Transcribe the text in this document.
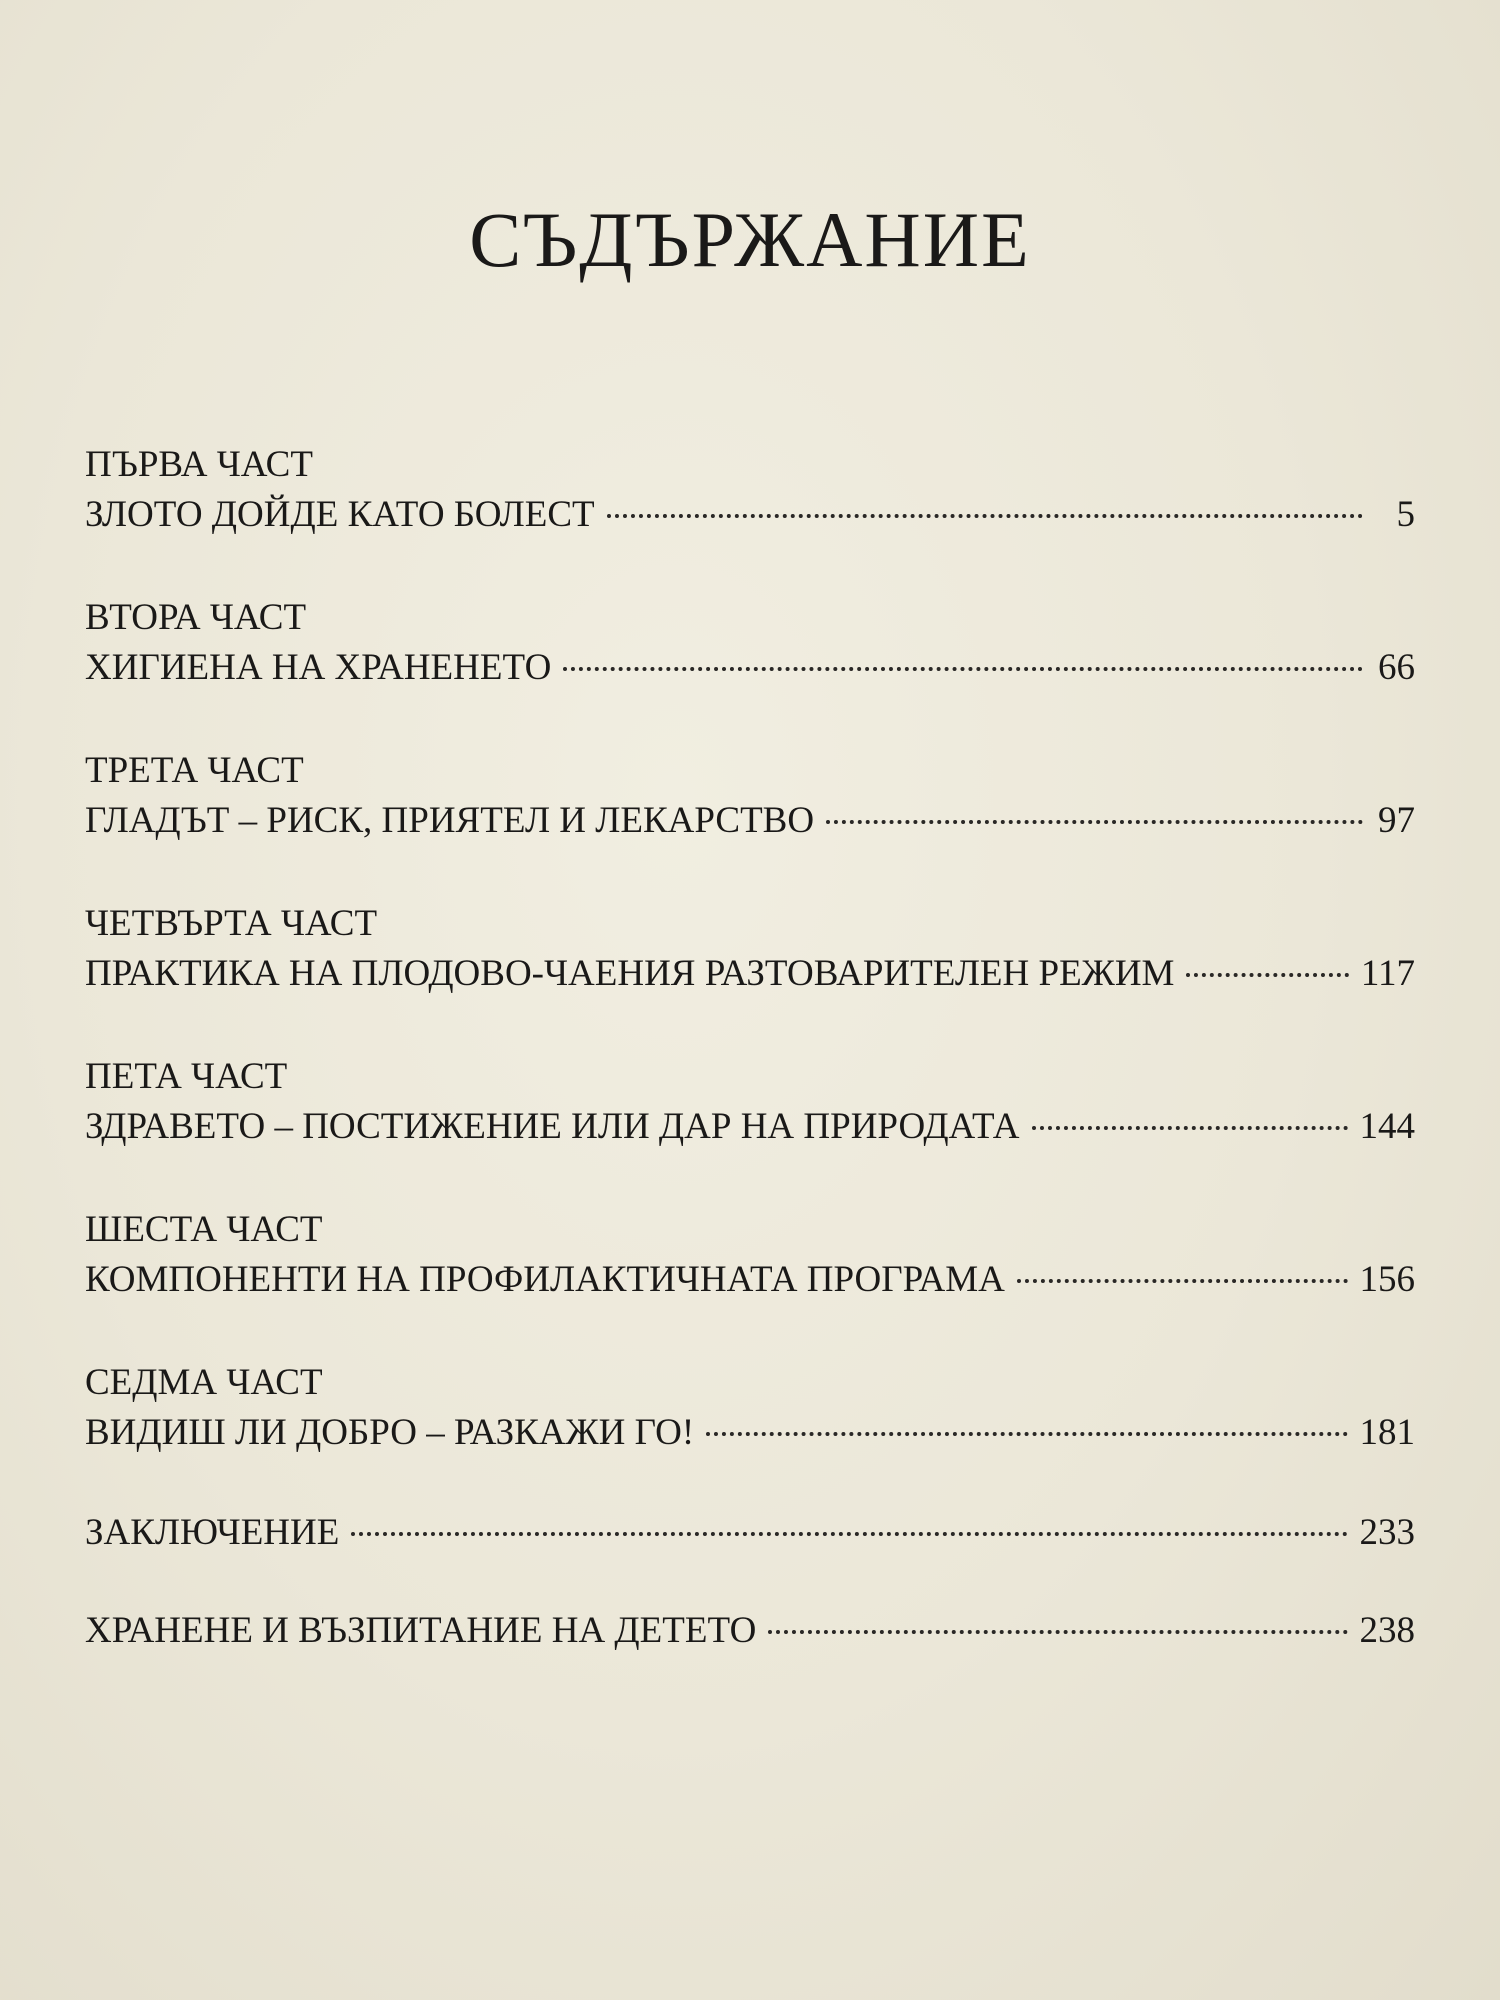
СЪДЪРЖАНИЕ
ПЪРВА ЧАСТ
ЗЛОТО ДОЙДЕ КАТО БОЛЕСТ	5
ВТОРА ЧАСТ
ХИГИЕНА НА ХРАНЕНЕТО	66
ТРЕТА ЧАСТ
ГЛАДЪТ – РИСК, ПРИЯТЕЛ И ЛЕКАРСТВО	97
ЧЕТВЪРТА ЧАСТ
ПРАКТИКА НА ПЛОДОВО-ЧАЕНИЯ РАЗТОВАРИТЕЛЕН РЕЖИМ	117
ПЕТА ЧАСТ
ЗДРАВЕТО – ПОСТИЖЕНИЕ ИЛИ ДАР НА ПРИРОДАТА	144
ШЕСТА ЧАСТ
КОМПОНЕНТИ НА ПРОФИЛАКТИЧНАТА ПРОГРАМА	156
СЕДМА ЧАСТ
ВИДИШ ЛИ ДОБРО – РАЗКАЖИ ГО!	181
ЗАКЛЮЧЕНИЕ	233
ХРАНЕНЕ И ВЪЗПИТАНИЕ НА ДЕТЕТО	238
